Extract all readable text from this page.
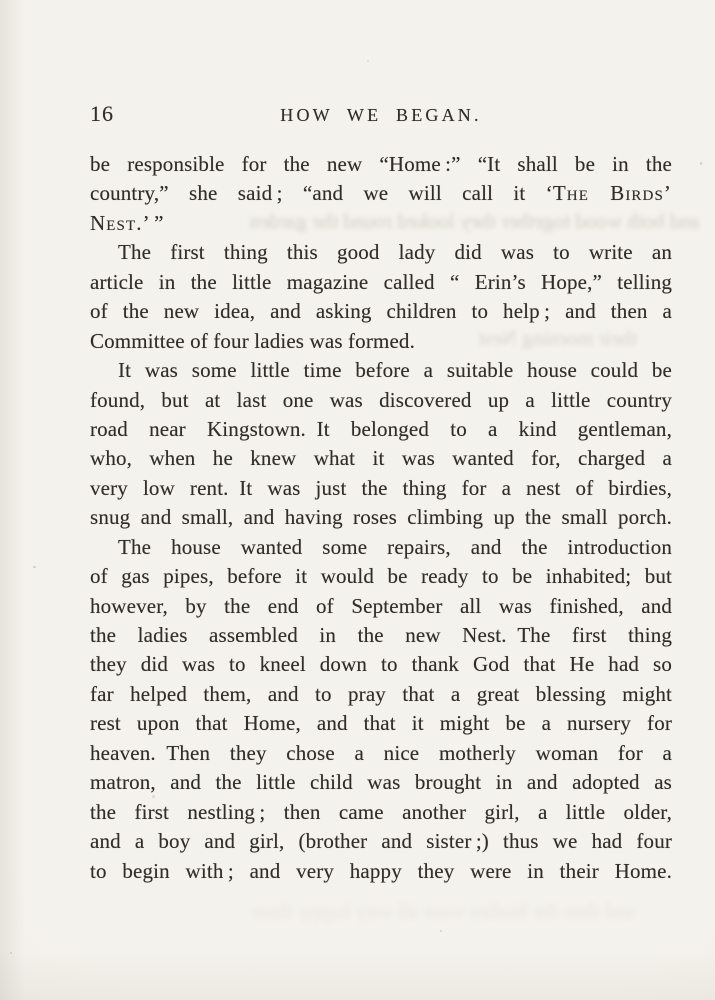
16	HOW WE BEGAN.
and both wood together they looked round the garden
their morning Nest
and then the birdies were all very happy there
be responsible for the new “Home :” “It shall be in the
country,” she said ; “and we will call it ‘The Birds’
Nest.’ ”
The first thing this good lady did was to write an
article in the little magazine called “ Erin’s Hope,” telling
of the new idea, and asking children to help ; and then a
Committee of four ladies was formed.
It was some little time before a suitable house could be
found, but at last one was discovered up a little country
road near Kingstown. It belonged to a kind gentleman,
who, when he knew what it was wanted for, charged a
very low rent. It was just the thing for a nest of birdies,
snug and small, and having roses climbing up the small porch.
The house wanted some repairs, and the introduction
of gas pipes, before it would be ready to be inhabited; but
however, by the end of September all was finished, and
the ladies assembled in the new Nest. The first thing
they did was to kneel down to thank God that He had so
far helped them, and to pray that a great blessing might
rest upon that Home, and that it might be a nursery for
heaven. Then they chose a nice motherly woman for a
matron, and the little child was brought in and adopted as
the first nestling ; then came another girl, a little older,
and a boy and girl, (brother and sister ;) thus we had four
to begin with ; and very happy they were in their Home.
